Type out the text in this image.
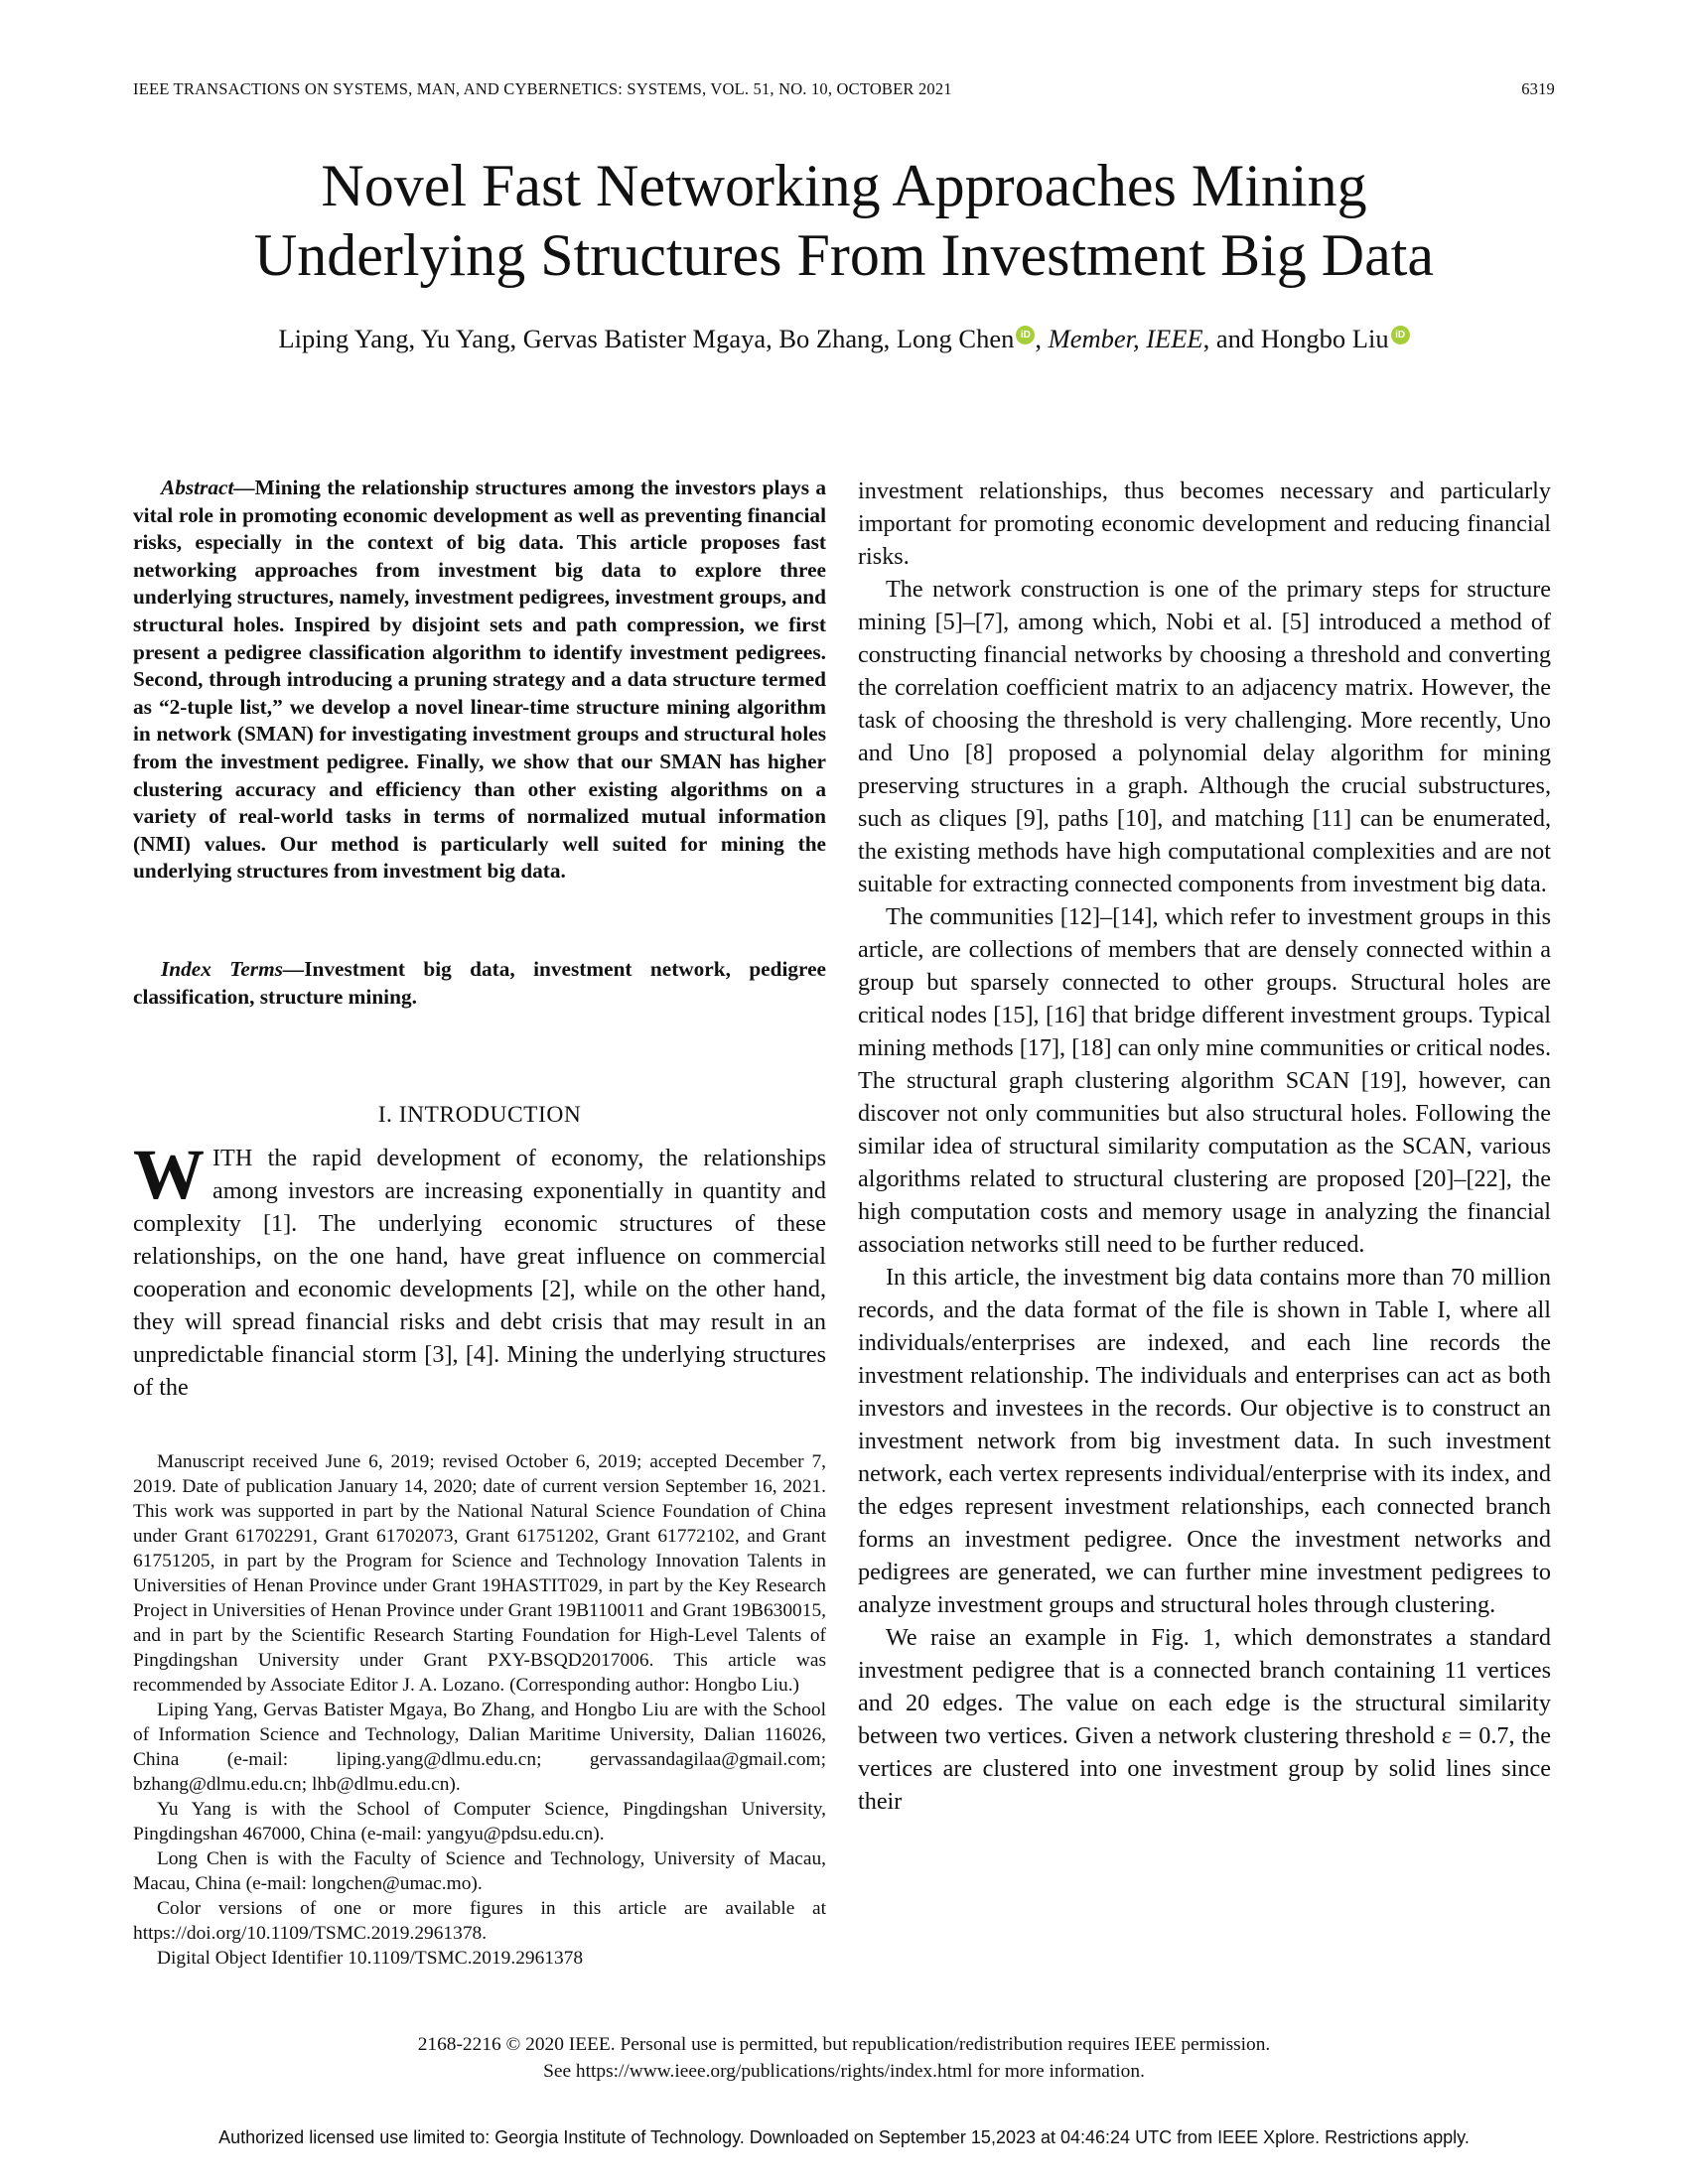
IEEE TRANSACTIONS ON SYSTEMS, MAN, AND CYBERNETICS: SYSTEMS, VOL. 51, NO. 10, OCTOBER 2021	6319
Novel Fast Networking Approaches Mining
Underlying Structures From Investment Big Data
Liping Yang, Yu Yang, Gervas Batister Mgaya, Bo Zhang, Long Chen iD , Member, IEEE, and Hongbo Liu iD
Abstract—Mining the relationship structures among the investors plays a vital role in promoting economic development as well as preventing financial risks, especially in the context of big data. This article proposes fast networking approaches from investment big data to explore three underlying structures, namely, investment pedigrees, investment groups, and structural holes. Inspired by disjoint sets and path compression, we first present a pedigree classification algorithm to identify investment pedigrees. Second, through introducing a pruning strategy and a data structure termed as “2-tuple list,” we develop a novel linear-time structure mining algorithm in network (SMAN) for investigating investment groups and structural holes from the investment pedigree. Finally, we show that our SMAN has higher clustering accuracy and efficiency than other existing algorithms on a variety of real-world tasks in terms of normalized mutual information (NMI) values. Our method is particularly well suited for mining the underlying structures from investment big data.
Index Terms—Investment big data, investment network, pedigree classification, structure mining.
I. INTRODUCTION
WITH the rapid development of economy, the relationships among investors are increasing exponentially in quantity and complexity [1]. The underlying economic structures of these relationships, on the one hand, have great influence on commercial cooperation and economic developments [2], while on the other hand, they will spread financial risks and debt crisis that may result in an unpredictable financial storm [3], [4]. Mining the underlying structures of the

Manuscript received June 6, 2019; revised October 6, 2019; accepted December 7, 2019. Date of publication January 14, 2020; date of current version September 16, 2021. This work was supported in part by the National Natural Science Foundation of China under Grant 61702291, Grant 61702073, Grant 61751202, Grant 61772102, and Grant 61751205, in part by the Program for Science and Technology Innovation Talents in Universities of Henan Province under Grant 19HASTIT029, in part by the Key Research Project in Universities of Henan Province under Grant 19B110011 and Grant 19B630015, and in part by the Scientific Research Starting Foundation for High-Level Talents of Pingdingshan University under Grant PXY-BSQD2017006. This article was recommended by Associate Editor J. A. Lozano. (Corresponding author: Hongbo Liu.)

Liping Yang, Gervas Batister Mgaya, Bo Zhang, and Hongbo Liu are with the School of Information Science and Technology, Dalian Maritime University, Dalian 116026, China (e-mail: liping.yang@dlmu.edu.cn; gervassandagilaa@gmail.com; bzhang@dlmu.edu.cn; lhb@dlmu.edu.cn).

Yu Yang is with the School of Computer Science, Pingdingshan University, Pingdingshan 467000, China (e-mail: yangyu@pdsu.edu.cn).

Long Chen is with the Faculty of Science and Technology, University of Macau, Macau, China (e-mail: longchen@umac.mo).

Color versions of one or more figures in this article are available at https://doi.org/10.1109/TSMC.2019.2961378.

Digital Object Identifier 10.1109/TSMC.2019.2961378

investment relationships, thus becomes necessary and particularly important for promoting economic development and reducing financial risks.

The network construction is one of the primary steps for structure mining [5]–[7], among which, Nobi et al. [5] introduced a method of constructing financial networks by choosing a threshold and converting the correlation coefficient matrix to an adjacency matrix. However, the task of choosing the threshold is very challenging. More recently, Uno and Uno [8] proposed a polynomial delay algorithm for mining preserving structures in a graph. Although the crucial substructures, such as cliques [9], paths [10], and matching [11] can be enumerated, the existing methods have high computational complexities and are not suitable for extracting connected components from investment big data.

The communities [12]–[14], which refer to investment groups in this article, are collections of members that are densely connected within a group but sparsely connected to other groups. Structural holes are critical nodes [15], [16] that bridge different investment groups. Typical mining methods [17], [18] can only mine communities or critical nodes. The structural graph clustering algorithm SCAN [19], however, can discover not only communities but also structural holes. Following the similar idea of structural similarity computation as the SCAN, various algorithms related to structural clustering are proposed [20]–[22], the high computation costs and memory usage in analyzing the financial association networks still need to be further reduced.

In this article, the investment big data contains more than 70 million records, and the data format of the file is shown in Table I, where all individuals/enterprises are indexed, and each line records the investment relationship. The individuals and enterprises can act as both investors and investees in the records. Our objective is to construct an investment network from big investment data. In such investment network, each vertex represents individual/enterprise with its index, and the edges represent investment relationships, each connected branch forms an investment pedigree. Once the investment networks and pedigrees are generated, we can further mine investment pedigrees to analyze investment groups and structural holes through clustering.

We raise an example in Fig. 1, which demonstrates a standard investment pedigree that is a connected branch containing 11 vertices and 20 edges. The value on each edge is the structural similarity between two vertices. Given a network clustering threshold ε = 0.7, the vertices are clustered into one investment group by solid lines since their

2168-2216 © 2020 IEEE. Personal use is permitted, but republication/redistribution requires IEEE permission.
See https://www.ieee.org/publications/rights/index.html for more information.
Authorized licensed use limited to: Georgia Institute of Technology. Downloaded on September 15,2023 at 04:46:24 UTC from IEEE Xplore. Restrictions apply.
